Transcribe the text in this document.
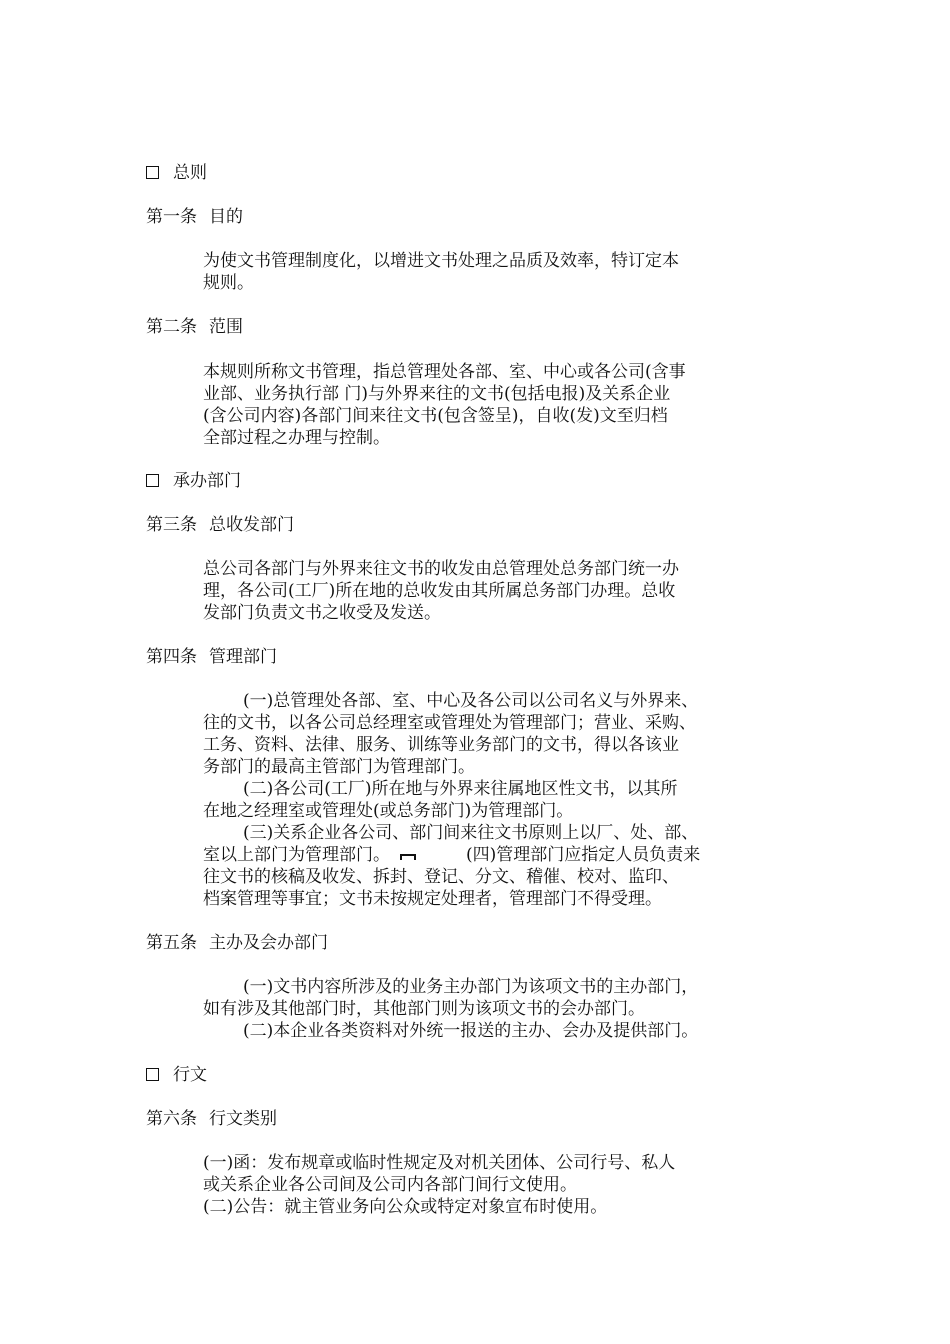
总则
第一条 目的
为使文书管理制度化，以增进文书处理之品质及效率，特订定本
规则。
第二条 范围
本规则所称文书管理，指总管理处各部、室、中心或各公司(含事
业部、业务执行部 门)与外界来往的文书(包括电报)及关系企业
(含公司内容)各部门间来往文书(包含签呈)，自收(发)文至归档
全部过程之办理与控制。
承办部门
第三条 总收发部门
总公司各部门与外界来往文书的收发由总管理处总务部门统一办
理，各公司(工厂)所在地的总收发由其所属总务部门办理。总收
发部门负责文书之收受及发送。
第四条 管理部门
(一)总管理处各部、室、中心及各公司以公司名义与外界来、
往的文书，以各公司总经理室或管理处为管理部门；营业、采购、
工务、资料、法律、服务、训练等业务部门的文书，得以各该业
务部门的最高主管部门为管理部门。
(二)各公司(工厂)所在地与外界来往属地区性文书，以其所
在地之经理室或管理处(或总务部门)为管理部门。
(三)关系企业各公司、部门间来往文书原则上以厂、处、部、
室以上部门为管理部门。	(四)管理部门应指定人员负责来
往文书的核稿及收发、拆封、登记、分文、稽催、校对、监印、
档案管理等事宜；文书未按规定处理者，管理部门不得受理。
第五条 主办及会办部门
(一)文书内容所涉及的业务主办部门为该项文书的主办部门，
如有涉及其他部门时，其他部门则为该项文书的会办部门。
(二)本企业各类资料对外统一报送的主办、会办及提供部门。
行文
第六条 行文类别
(一)函：发布规章或临时性规定及对机关团体、公司行号、私人
或关系企业各公司间及公司内各部门间行文使用。
(二)公告：就主管业务向公众或特定对象宣布时使用。
